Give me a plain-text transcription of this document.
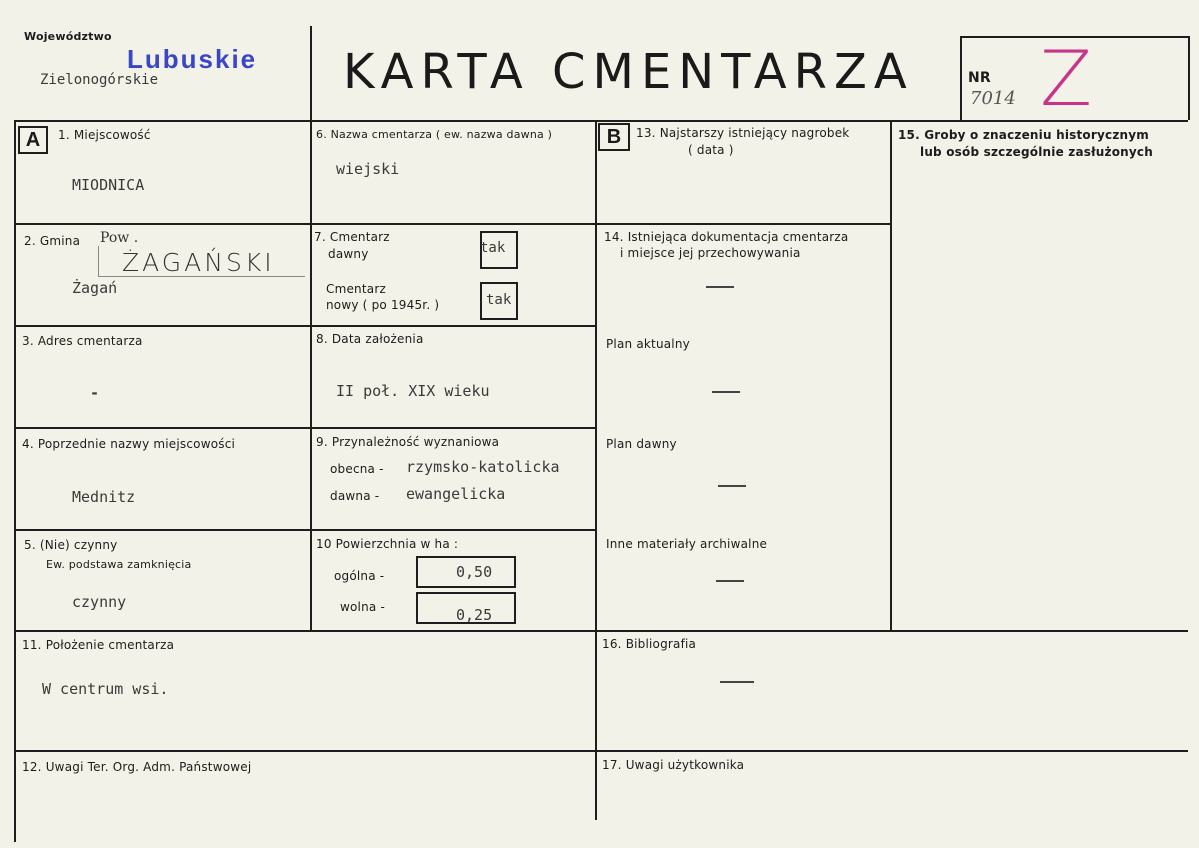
Województwo
Lubuskie
Zielonogórskie	KARTA CMENTARZA	NR
7014 Z
A	B
1. Miejscowość
MIODNICA
2. Gmina Pow .
ŻAGAŃSKI
Żagań
3. Adres cmentarza
-
4. Poprzednie nazwy miejscowości
Mednitz
5. (Nie) czynny
Ew. podstawa zamknięcia
czynny
6. Nazwa cmentarza ( ew. nazwa dawna )
wiejski
7. Cmentarz
dawny	tak
Cmentarz
nowy ( po 1945r. )	tak
8. Data założenia
II poł. XIX wieku
9. Przynależność wyznaniowa
obecna - rzymsko-katolicka
dawna - ewangelicka
10 Powierzchnia w ha :
ogólna -	0,50
wolna -	0,25
11. Położenie cmentarza
W centrum wsi.
12. Uwagi Ter. Org. Adm. Państwowej
13. Najstarszy istniejący nagrobek
( data )
14. Istniejąca dokumentacja cmentarza
i miejsce jej przechowywania
Plan aktualny
Plan dawny
Inne materiały archiwalne
15. Groby o znaczeniu historycznym
lub osób szczególnie zasłużonych
16. Bibliografia
17. Uwagi użytkownika
